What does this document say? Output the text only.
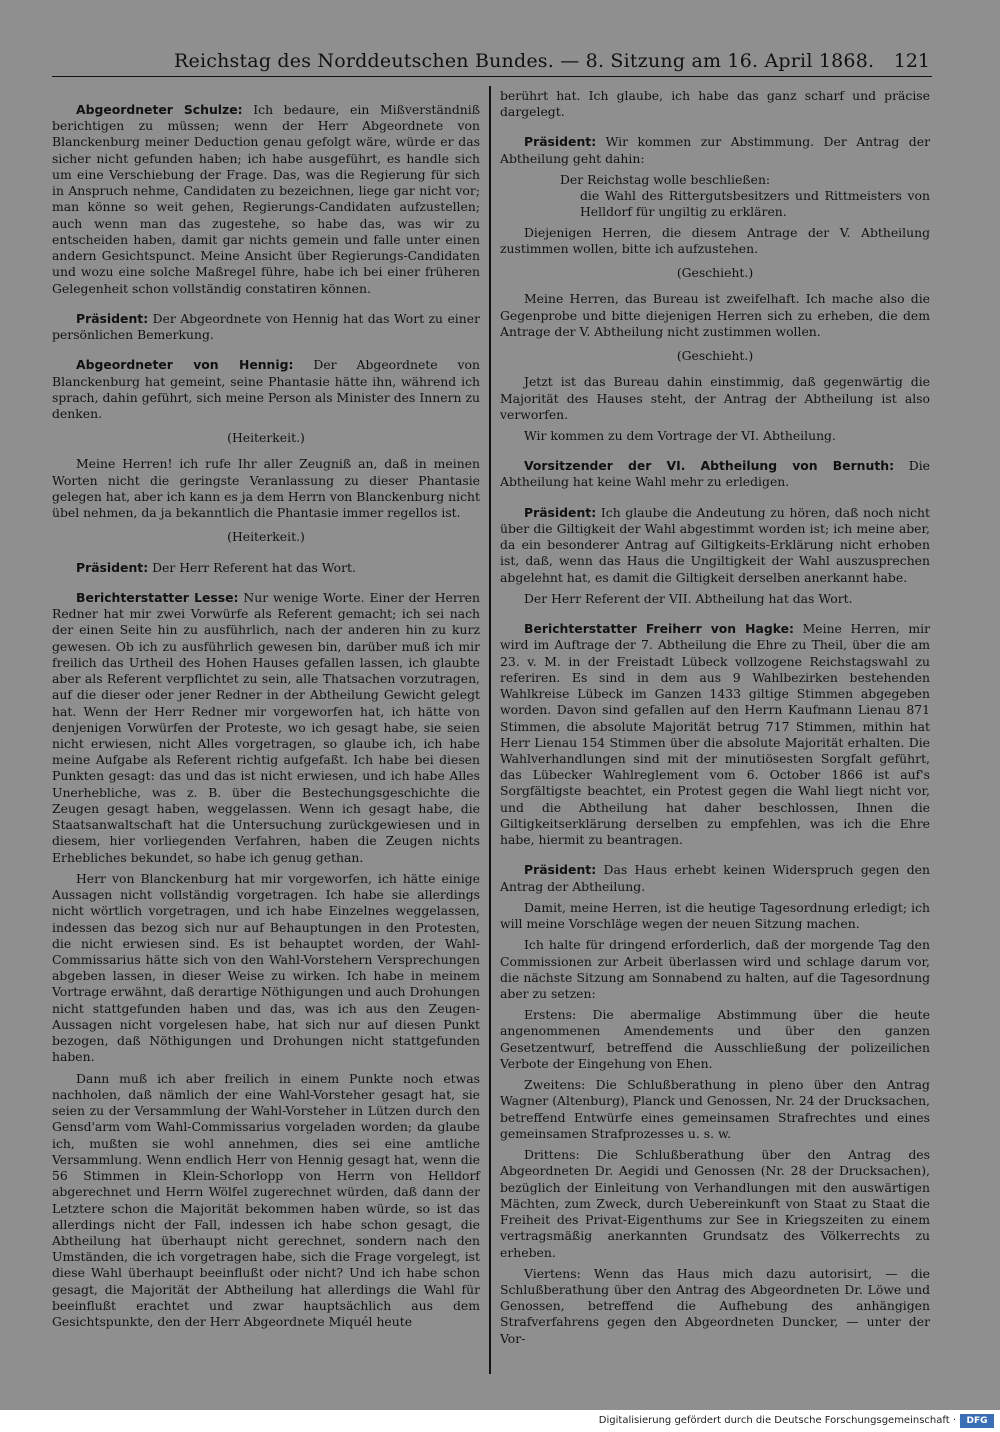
Reichstag des Norddeutschen Bundes. — 8. Sitzung am 16. April 1868. 121

Abgeordneter Schulze: Ich bedaure, ein Mißverständniß berichtigen zu müssen; wenn der Herr Abgeordnete von Blanckenburg meiner Deduction genau gefolgt wäre, würde er das sicher nicht gefunden haben; ich habe ausgeführt, es handle sich um eine Verschiebung der Frage. Das, was die Regierung für sich in Anspruch nehme, Candidaten zu bezeichnen, liege gar nicht vor; man könne so weit gehen, Regierungs-Candidaten aufzustellen; auch wenn man das zugestehe, so habe das, was wir zu entscheiden haben, damit gar nichts gemein und falle unter einen andern Gesichtspunct. Meine Ansicht über Regierungs-Candidaten und wozu eine solche Maßregel führe, habe ich bei einer früheren Gelegenheit schon vollständig constatiren können.

Präsident: Der Abgeordnete von Hennig hat das Wort zu einer persönlichen Bemerkung.

Abgeordneter von Hennig: Der Abgeordnete von Blanckenburg hat gemeint, seine Phantasie hätte ihn, während ich sprach, dahin geführt, sich meine Person als Minister des Innern zu denken.

(Heiterkeit.)

Meine Herren! ich rufe Ihr aller Zeugniß an, daß in meinen Worten nicht die geringste Veranlassung zu dieser Phantasie gelegen hat, aber ich kann es ja dem Herrn von Blanckenburg nicht übel nehmen, da ja bekanntlich die Phantasie immer regellos ist.

(Heiterkeit.)

Präsident: Der Herr Referent hat das Wort.

Berichterstatter Lesse: Nur wenige Worte. Einer der Herren Redner hat mir zwei Vorwürfe als Referent gemacht; ich sei nach der einen Seite hin zu ausführlich, nach der anderen hin zu kurz gewesen. Ob ich zu ausführlich gewesen bin, darüber muß ich mir freilich das Urtheil des Hohen Hauses gefallen lassen, ich glaubte aber als Referent verpflichtet zu sein, alle Thatsachen vorzutragen, auf die dieser oder jener Redner in der Abtheilung Gewicht gelegt hat. Wenn der Herr Redner mir vorgeworfen hat, ich hätte von denjenigen Vorwürfen der Proteste, wo ich gesagt habe, sie seien nicht erwiesen, nicht Alles vorgetragen, so glaube ich, ich habe meine Aufgabe als Referent richtig aufgefaßt. Ich habe bei diesen Punkten gesagt: das und das ist nicht erwiesen, und ich habe Alles Unerhebliche, was z. B. über die Bestechungsgeschichte die Zeugen gesagt haben, weggelassen. Wenn ich gesagt habe, die Staatsanwaltschaft hat die Untersuchung zurückgewiesen und in diesem, hier vorliegenden Verfahren, haben die Zeugen nichts Erhebliches bekundet, so habe ich genug gethan.

Herr von Blanckenburg hat mir vorgeworfen, ich hätte einige Aussagen nicht vollständig vorgetragen. Ich habe sie allerdings nicht wörtlich vorgetragen, und ich habe Einzelnes weggelassen, indessen das bezog sich nur auf Behauptungen in den Protesten, die nicht erwiesen sind. Es ist behauptet worden, der Wahl-Commissarius hätte sich von den Wahl-Vorstehern Versprechungen abgeben lassen, in dieser Weise zu wirken. Ich habe in meinem Vortrage erwähnt, daß derartige Nöthigungen und auch Drohungen nicht stattgefunden haben und das, was ich aus den Zeugen-Aussagen nicht vorgelesen habe, hat sich nur auf diesen Punkt bezogen, daß Nöthigungen und Drohungen nicht stattgefunden haben.

Dann muß ich aber freilich in einem Punkte noch etwas nachholen, daß nämlich der eine Wahl-Vorsteher gesagt hat, sie seien zu der Versammlung der Wahl-Vorsteher in Lützen durch den Gensd'arm vom Wahl-Commissarius vorgeladen worden; da glaube ich, mußten sie wohl annehmen, dies sei eine amtliche Versammlung. Wenn endlich Herr von Hennig gesagt hat, wenn die 56 Stimmen in Klein-Schorlopp von Herrn von Helldorf abgerechnet und Herrn Wölfel zugerechnet würden, daß dann der Letztere schon die Majorität bekommen haben würde, so ist das allerdings nicht der Fall, indessen ich habe schon gesagt, die Abtheilung hat überhaupt nicht gerechnet, sondern nach den Umständen, die ich vorgetragen habe, sich die Frage vorgelegt, ist diese Wahl überhaupt beeinflußt oder nicht? Und ich habe schon gesagt, die Majorität der Abtheilung hat allerdings die Wahl für beeinflußt erachtet und zwar hauptsächlich aus dem Gesichtspunkte, den der Herr Abgeordnete Miquél heute

berührt hat. Ich glaube, ich habe das ganz scharf und präcise dargelegt.

Präsident: Wir kommen zur Abstimmung. Der Antrag der Abtheilung geht dahin:

Der Reichstag wolle beschließen:

die Wahl des Rittergutsbesitzers und Rittmeisters von Helldorf für ungiltig zu erklären.

Diejenigen Herren, die diesem Antrage der V. Abtheilung zustimmen wollen, bitte ich aufzustehen.

(Geschieht.)

Meine Herren, das Bureau ist zweifelhaft. Ich mache also die Gegenprobe und bitte diejenigen Herren sich zu erheben, die dem Antrage der V. Abtheilung nicht zustimmen wollen.

(Geschieht.)

Jetzt ist das Bureau dahin einstimmig, daß gegenwärtig die Majorität des Hauses steht, der Antrag der Abtheilung ist also verworfen.

Wir kommen zu dem Vortrage der VI. Abtheilung.

Vorsitzender der VI. Abtheilung von Bernuth: Die Abtheilung hat keine Wahl mehr zu erledigen.

Präsident: Ich glaube die Andeutung zu hören, daß noch nicht über die Giltigkeit der Wahl abgestimmt worden ist; ich meine aber, da ein besonderer Antrag auf Giltigkeits-Erklärung nicht erhoben ist, daß, wenn das Haus die Ungiltigkeit der Wahl auszusprechen abgelehnt hat, es damit die Giltigkeit derselben anerkannt habe.

Der Herr Referent der VII. Abtheilung hat das Wort.

Berichterstatter Freiherr von Hagke: Meine Herren, mir wird im Auftrage der 7. Abtheilung die Ehre zu Theil, über die am 23. v. M. in der Freistadt Lübeck vollzogene Reichstagswahl zu referiren. Es sind in dem aus 9 Wahlbezirken bestehenden Wahlkreise Lübeck im Ganzen 1433 giltige Stimmen abgegeben worden. Davon sind gefallen auf den Herrn Kaufmann Lienau 871 Stimmen, die absolute Majorität betrug 717 Stimmen, mithin hat Herr Lienau 154 Stimmen über die absolute Majorität erhalten. Die Wahlverhandlungen sind mit der minutiösesten Sorgfalt geführt, das Lübecker Wahlreglement vom 6. October 1866 ist auf's Sorgfältigste beachtet, ein Protest gegen die Wahl liegt nicht vor, und die Abtheilung hat daher beschlossen, Ihnen die Giltigkeitserklärung derselben zu empfehlen, was ich die Ehre habe, hiermit zu beantragen.

Präsident: Das Haus erhebt keinen Widerspruch gegen den Antrag der Abtheilung.

Damit, meine Herren, ist die heutige Tagesordnung erledigt; ich will meine Vorschläge wegen der neuen Sitzung machen.

Ich halte für dringend erforderlich, daß der morgende Tag den Commissionen zur Arbeit überlassen wird und schlage darum vor, die nächste Sitzung am Sonnabend zu halten, auf die Tagesordnung aber zu setzen:

Erstens: Die abermalige Abstimmung über die heute angenommenen Amendements und über den ganzen Gesetzentwurf, betreffend die Ausschließung der polizeilichen Verbote der Eingehung von Ehen.

Zweitens: Die Schlußberathung in pleno über den Antrag Wagner (Altenburg), Planck und Genossen, Nr. 24 der Drucksachen, betreffend Entwürfe eines gemeinsamen Strafrechtes und eines gemeinsamen Strafprozesses u. s. w.

Drittens: Die Schlußberathung über den Antrag des Abgeordneten Dr. Aegidi und Genossen (Nr. 28 der Drucksachen), bezüglich der Einleitung von Verhandlungen mit den auswärtigen Mächten, zum Zweck, durch Uebereinkunft von Staat zu Staat die Freiheit des Privat-Eigenthums zur See in Kriegszeiten zu einem vertragsmäßig anerkannten Grundsatz des Völkerrechts zu erheben.

Viertens: Wenn das Haus mich dazu autorisirt, — die Schlußberathung über den Antrag des Abgeordneten Dr. Löwe und Genossen, betreffend die Aufhebung des anhängigen Strafverfahrens gegen den Abgeordneten Duncker, — unter der Vor-

Digitalisierung gefördert durch die Deutsche Forschungsgemeinschaft ·	DFG
